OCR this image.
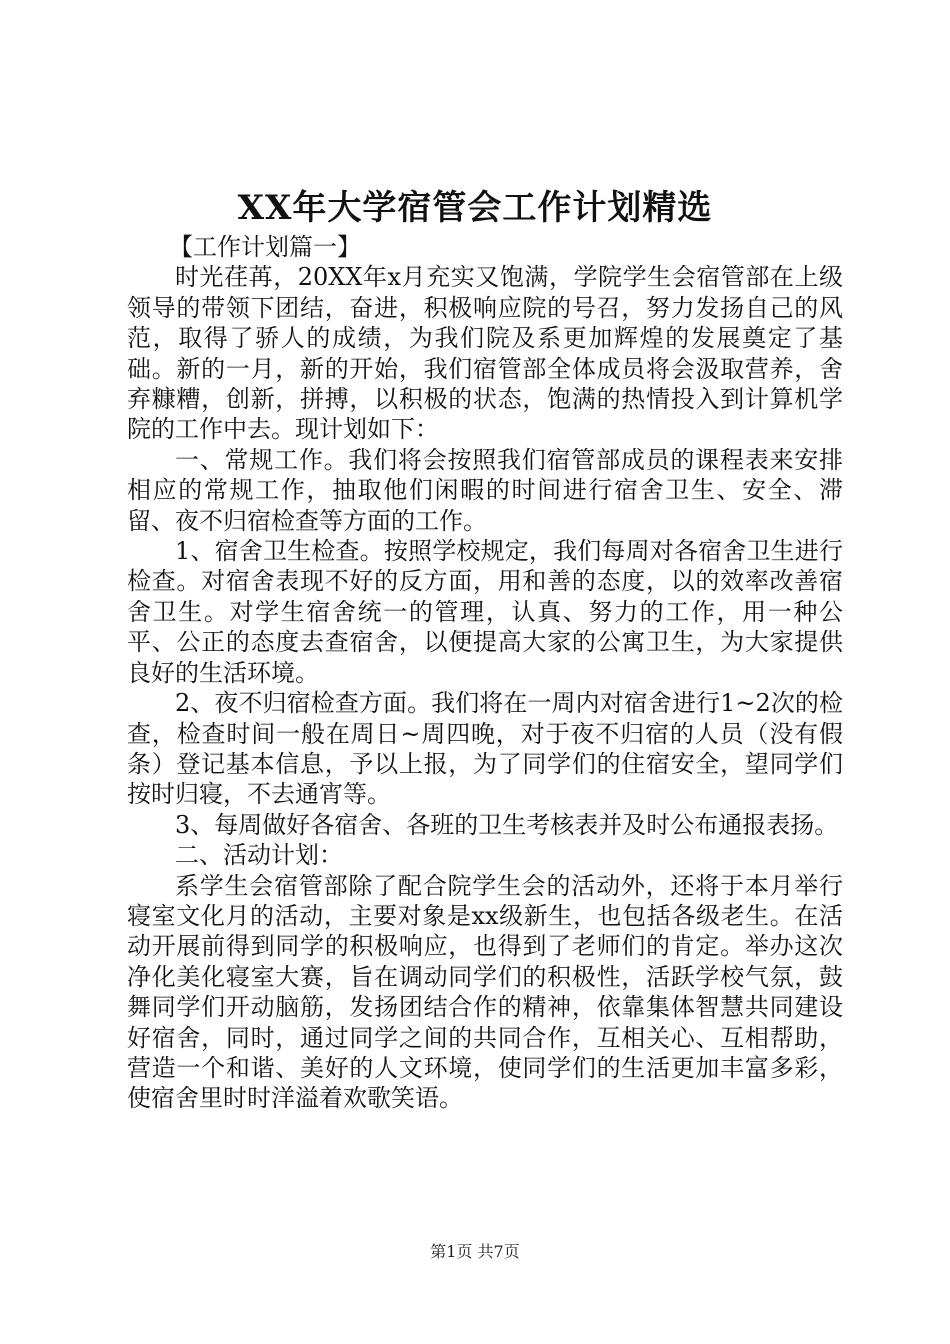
XX年大学宿管会工作计划精选

【工作计划篇一】

时光荏苒，20XX年x月充实又饱满，学院学生会宿管部在上级领导的带领下团结，奋进，积极响应院的号召，努力发扬自己的风范，取得了骄人的成绩，为我们院及系更加辉煌的发展奠定了基础。新的一月，新的开始，我们宿管部全体成员将会汲取营养，舍弃糠糟，创新，拼搏，以积极的状态，饱满的热情投入到计算机学院的工作中去。现计划如下：

一、常规工作。我们将会按照我们宿管部成员的课程表来安排相应的常规工作，抽取他们闲暇的时间进行宿舍卫生、安全、滞留、夜不归宿检查等方面的工作。

1、宿舍卫生检查。按照学校规定，我们每周对各宿舍卫生进行检查。对宿舍表现不好的反方面，用和善的态度，以的效率改善宿舍卫生。对学生宿舍统一的管理，认真、努力的工作，用一种公平、公正的态度去查宿舍，以便提高大家的公寓卫生，为大家提供良好的生活环境。

2、夜不归宿检查方面。我们将在一周内对宿舍进行1~2次的检查，检查时间一般在周日~周四晚，对于夜不归宿的人员（没有假条）登记基本信息，予以上报，为了同学们的住宿安全，望同学们按时归寝，不去通宵等。

3、每周做好各宿舍、各班的卫生考核表并及时公布通报表扬。

二、活动计划：

系学生会宿管部除了配合院学生会的活动外，还将于本月举行寝室文化月的活动，主要对象是xx级新生，也包括各级老生。在活动开展前得到同学的积极响应，也得到了老师们的肯定。举办这次净化美化寝室大赛，旨在调动同学们的积极性，活跃学校气氛，鼓舞同学们开动脑筋，发扬团结合作的精神，依靠集体智慧共同建设好宿舍，同时，通过同学之间的共同合作，互相关心、互相帮助，营造一个和谐、美好的人文环境，使同学们的生活更加丰富多彩，使宿舍里时时洋溢着欢歌笑语。

第1页 共7页
